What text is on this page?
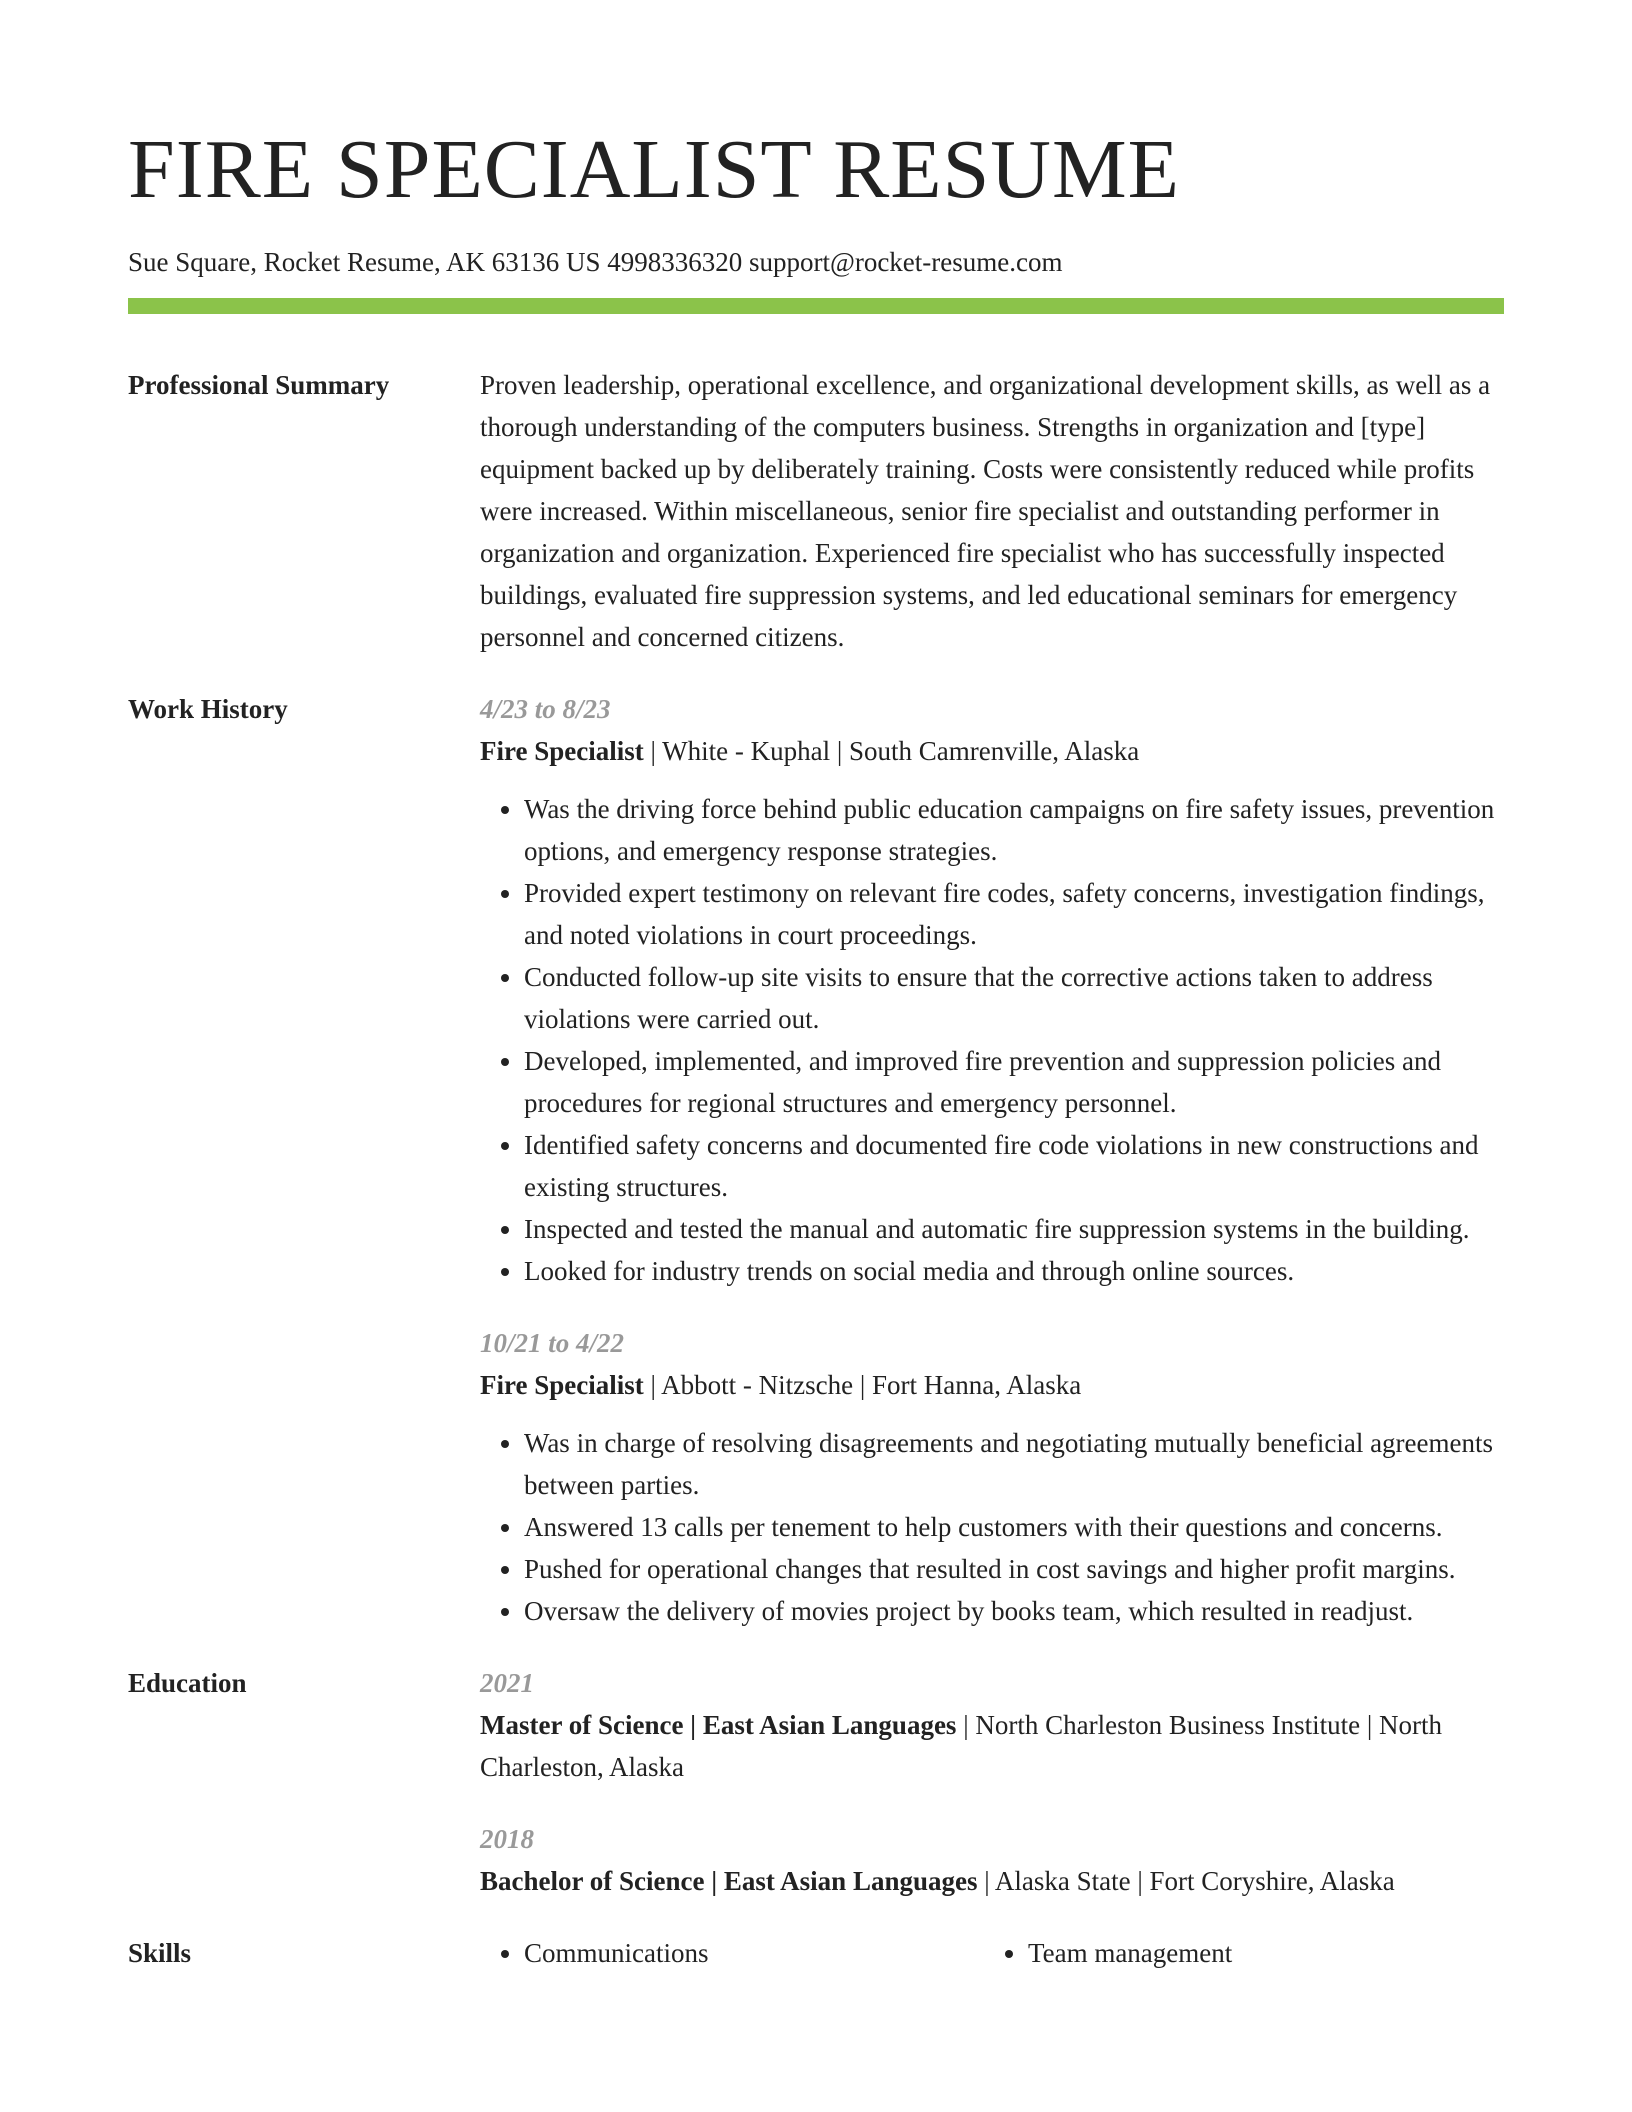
FIRE SPECIALIST RESUME
Sue Square, Rocket Resume, AK 63136 US 4998336320 support@rocket-resume.com
Professional Summary	Proven leadership, operational excellence, and organizational development skills, as well as a thorough understanding of the computers business. Strengths in organization and [type] equipment backed up by deliberately training. Costs were consistently reduced while profits were increased. Within miscellaneous, senior fire specialist and outstanding performer in organization and organization. Experienced fire specialist who has successfully inspected buildings, evaluated fire suppression systems, and led educational seminars for emergency personnel and concerned citizens.
Work History	4/23 to 8/23
Fire Specialist | White - Kuphal | South Camrenville, Alaska
• Was the driving force behind public education campaigns on fire safety issues, prevention options, and emergency response strategies.
• Provided expert testimony on relevant fire codes, safety concerns, investigation findings, and noted violations in court proceedings.
• Conducted follow-up site visits to ensure that the corrective actions taken to address violations were carried out.
• Developed, implemented, and improved fire prevention and suppression policies and procedures for regional structures and emergency personnel.
• Identified safety concerns and documented fire code violations in new constructions and existing structures.
• Inspected and tested the manual and automatic fire suppression systems in the building.
• Looked for industry trends on social media and through online sources.
10/21 to 4/22
Fire Specialist | Abbott - Nitzsche | Fort Hanna, Alaska
• Was in charge of resolving disagreements and negotiating mutually beneficial agreements between parties.
• Answered 13 calls per tenement to help customers with their questions and concerns.
• Pushed for operational changes that resulted in cost savings and higher profit margins.
• Oversaw the delivery of movies project by books team, which resulted in readjust.
Education	2021
Master of Science | East Asian Languages | North Charleston Business Institute | North Charleston, Alaska
2018
Bachelor of Science | East Asian Languages | Alaska State | Fort Coryshire, Alaska
Skills	• Communications	• Team management
